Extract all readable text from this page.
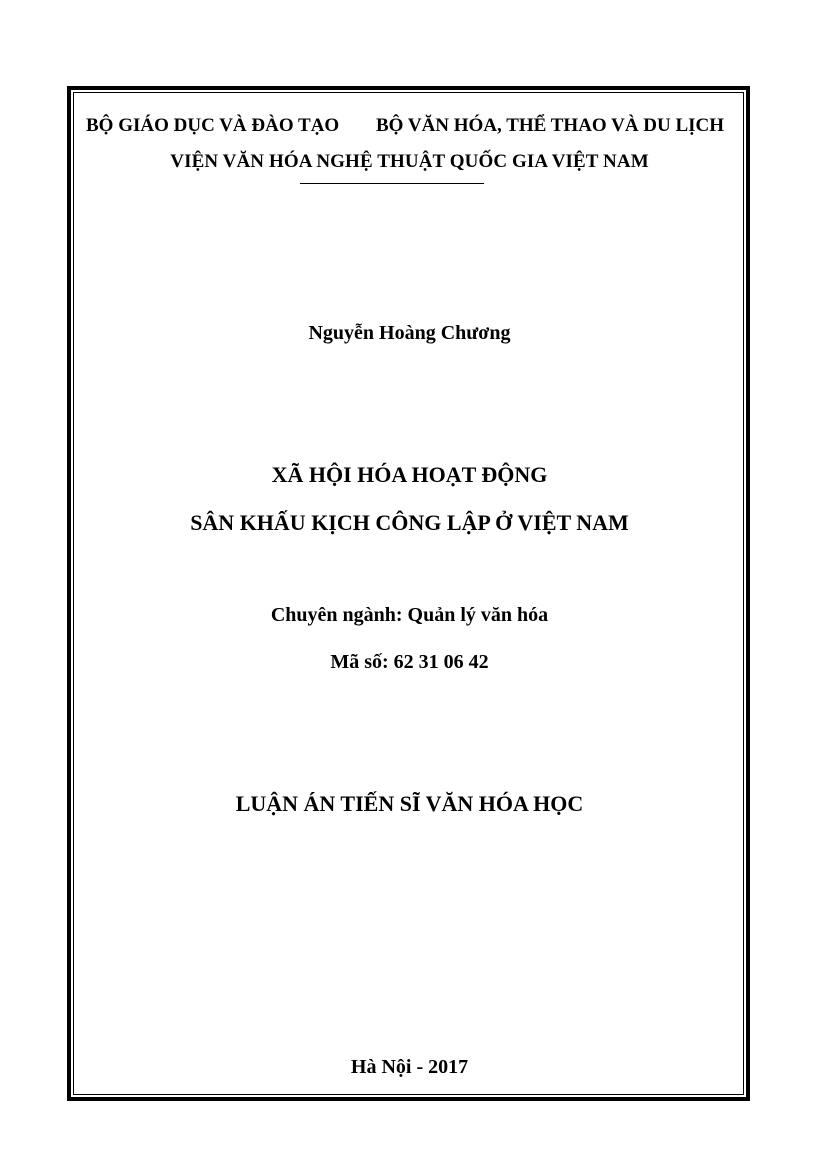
BỘ GIÁO DỤC VÀ ĐÀO TẠO BỘ VĂN HÓA, THỂ THAO VÀ DU LỊCH
VIỆN VĂN HÓA NGHỆ THUẬT QUỐC GIA VIỆT NAM
Nguyễn Hoàng Chương
XÃ HỘI HÓA HOẠT ĐỘNG
SÂN KHẤU KỊCH CÔNG LẬP Ở VIỆT NAM
Chuyên ngành: Quản lý văn hóa
Mã số: 62 31 06 42
LUẬN ÁN TIẾN SĨ VĂN HÓA HỌC
Hà Nội - 2017
